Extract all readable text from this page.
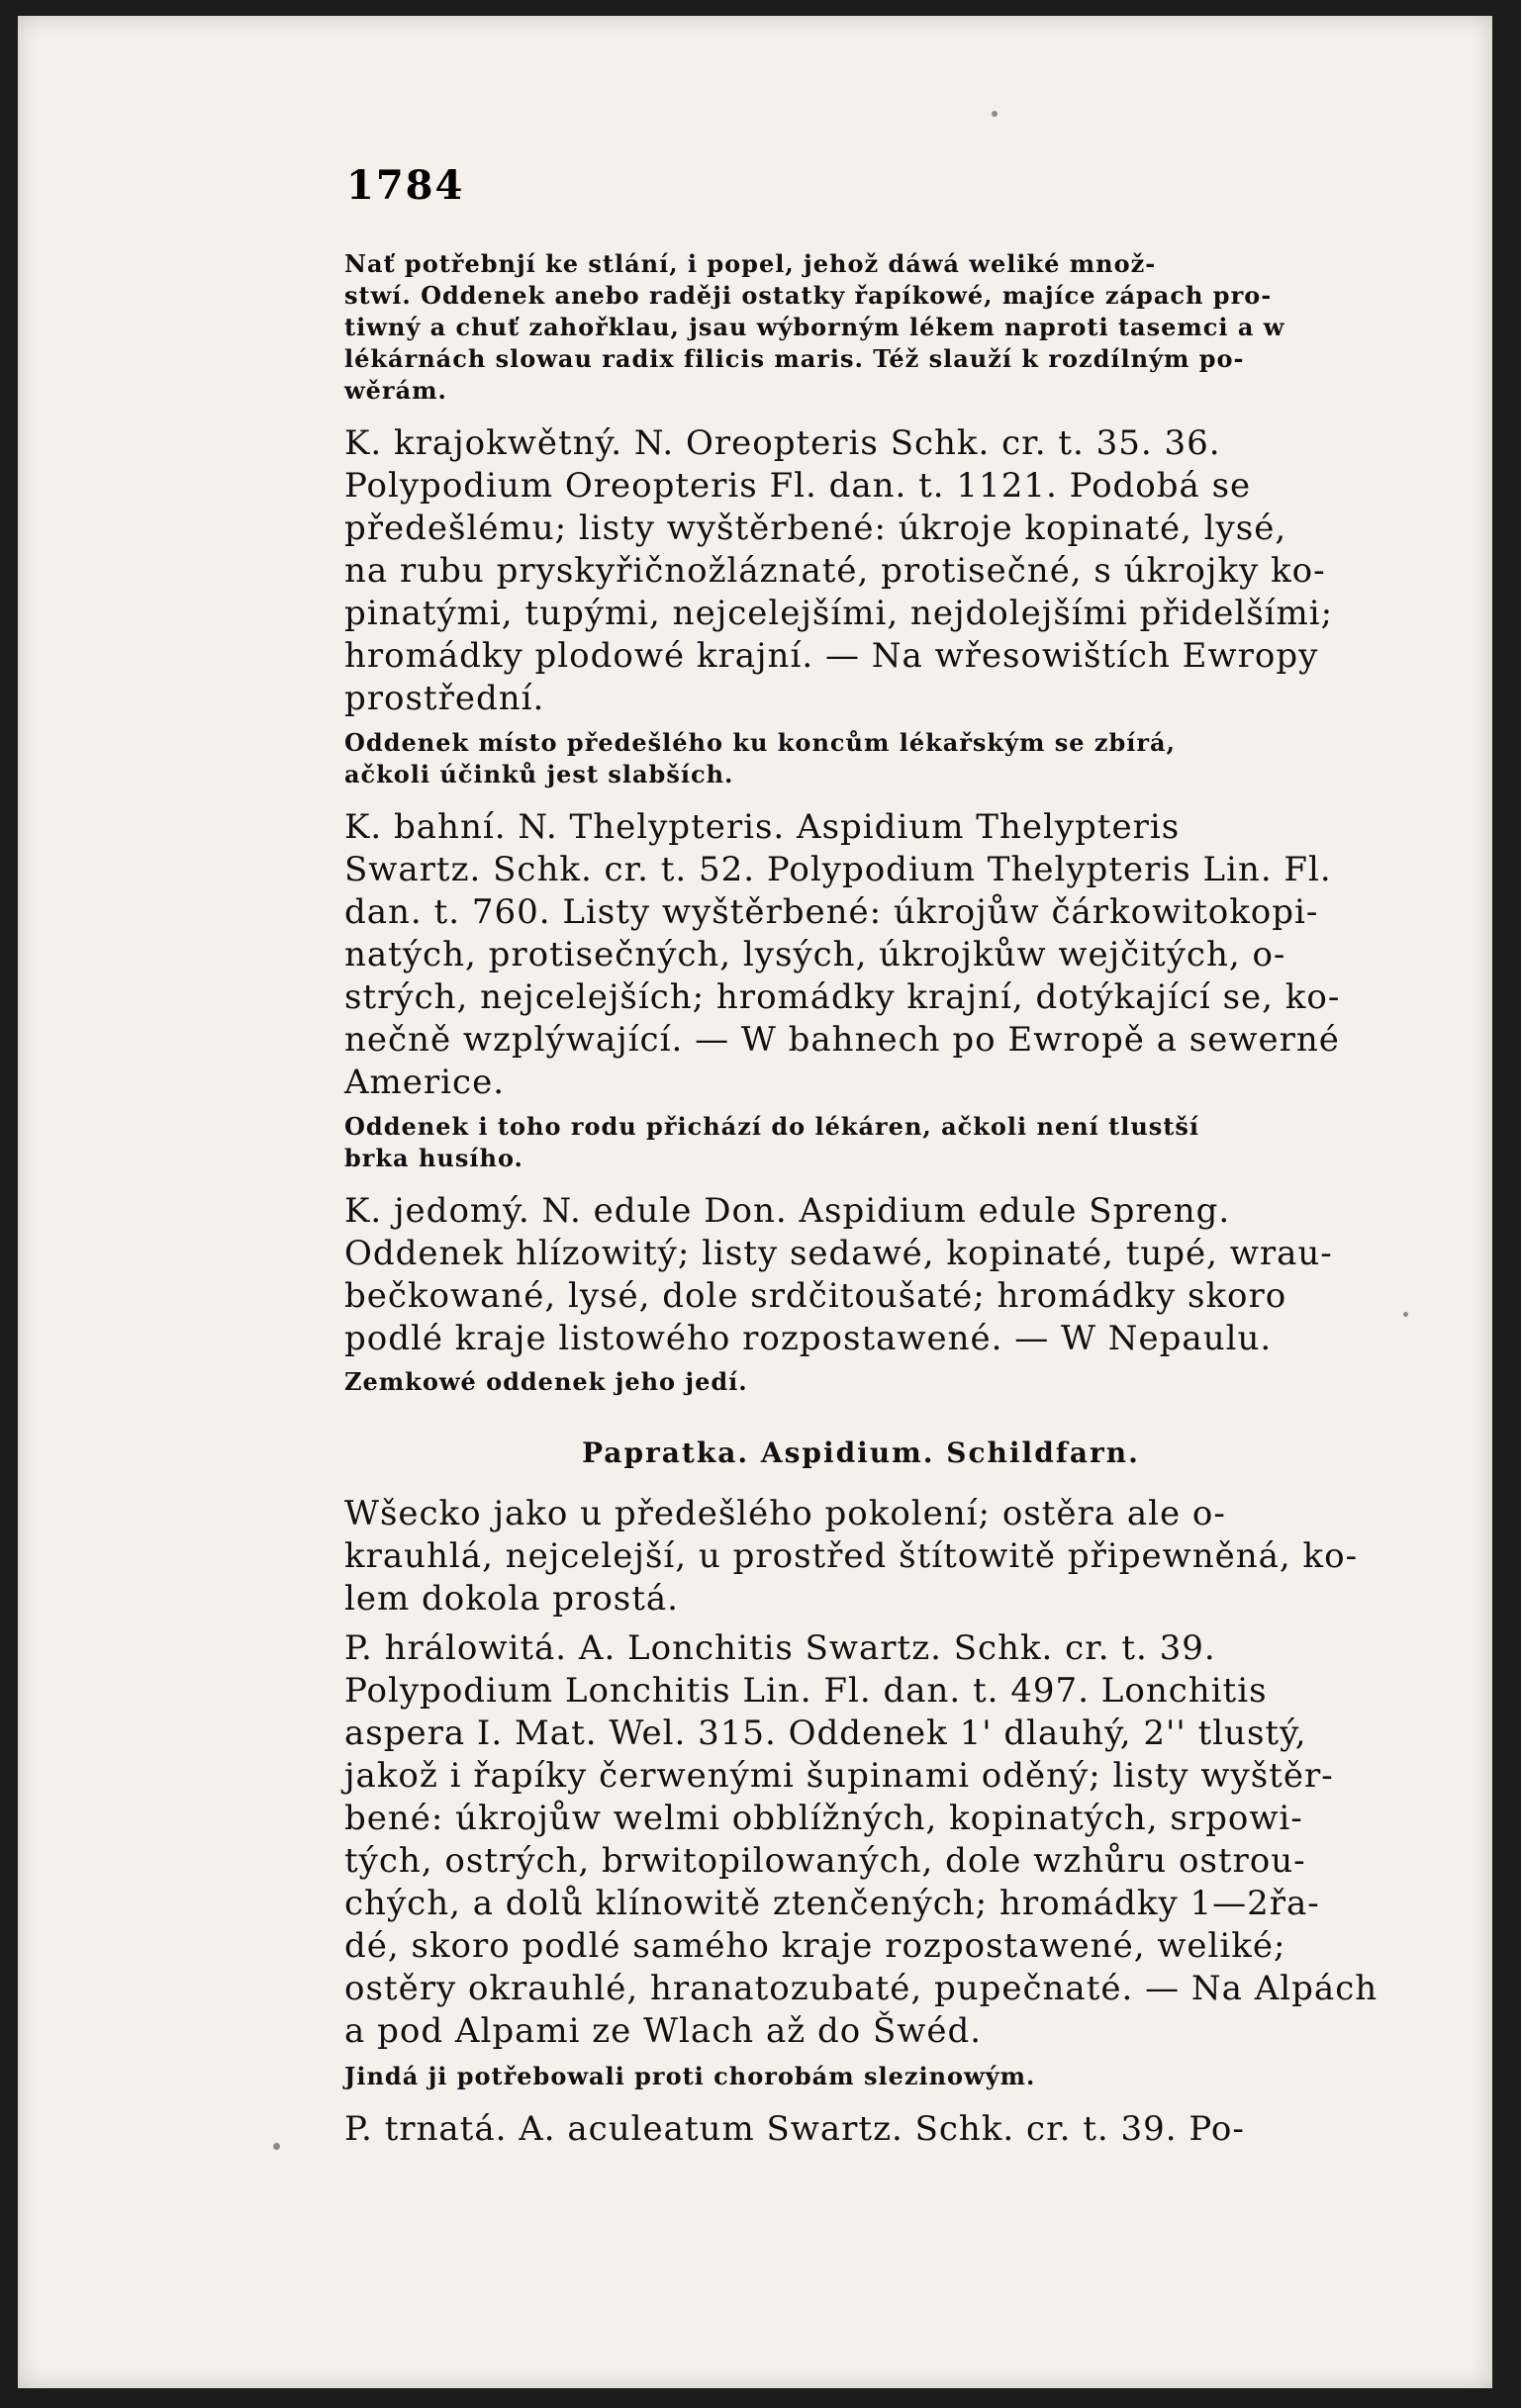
1784
Nať potřebnjí ke stlání, i popel, jehož dáwá weliké množ-
stwí. Oddenek anebo raději ostatky řapíkowé, majíce zápach pro-
tiwný a chuť zahořklau, jsau wýborným lékem naproti tasemci a w
lékárnách slowau radix filicis maris. Též slauží k rozdílným po-
wěrám.
K. krajokwětný. N. Oreopteris Schk. cr. t. 35. 36.
Polypodium Oreopteris Fl. dan. t. 1121. Podobá se
předešlému; listy wyštěrbené: úkroje kopinaté, lysé,
na rubu pryskyřičnožláznaté, protisečné, s úkrojky ko-
pinatými, tupými, nejcelejšími, nejdolejšími přidelšími;
hromádky plodowé krajní. — Na wřesowištích Ewropy
prostřední.
Oddenek místo předešlého ku koncům lékařským se zbírá,
ačkoli účinků jest slabších.
K. bahní. N. Thelypteris. Aspidium Thelypteris
Swartz. Schk. cr. t. 52. Polypodium Thelypteris Lin. Fl.
dan. t. 760. Listy wyštěrbené: úkrojůw čárkowitokopi-
natých, protisečných, lysých, úkrojkůw wejčitých, o-
strých, nejcelejších; hromádky krajní, dotýkající se, ko-
nečně wzplýwající. — W bahnech po Ewropě a sewerné
Americe.
Oddenek i toho rodu přichází do lékáren, ačkoli není tlustší
brka husího.
K. jedomý. N. edule Don. Aspidium edule Spreng.
Oddenek hlízowitý; listy sedawé, kopinaté, tupé, wrau-
bečkowané, lysé, dole srdčitoušaté; hromádky skoro
podlé kraje listowého rozpostawené. — W Nepaulu.
Zemkowé oddenek jeho jedí.
Papratka. Aspidium. Schildfarn.
Wšecko jako u předešlého pokolení; ostěra ale o-
krauhlá, nejcelejší, u prostřed štítowitě připewněná, ko-
lem dokola prostá.
P. hrálowitá. A. Lonchitis Swartz. Schk. cr. t. 39.
Polypodium Lonchitis Lin. Fl. dan. t. 497. Lonchitis
aspera I. Mat. Wel. 315. Oddenek 1' dlauhý, 2'' tlustý,
jakož i řapíky čerwenými šupinami oděný; listy wyštěr-
bené: úkrojůw welmi obblížných, kopinatých, srpowi-
tých, ostrých, brwitopilowaných, dole wzhůru ostrou-
chých, a dolů klínowitě ztenčených; hromádky 1—2řa-
dé, skoro podlé samého kraje rozpostawené, weliké;
ostěry okrauhlé, hranatozubaté, pupečnaté. — Na Alpách
a pod Alpami ze Wlach až do Šwéd.
Jindá ji potřebowali proti chorobám slezinowým.
P. trnatá. A. aculeatum Swartz. Schk. cr. t. 39. Po-
